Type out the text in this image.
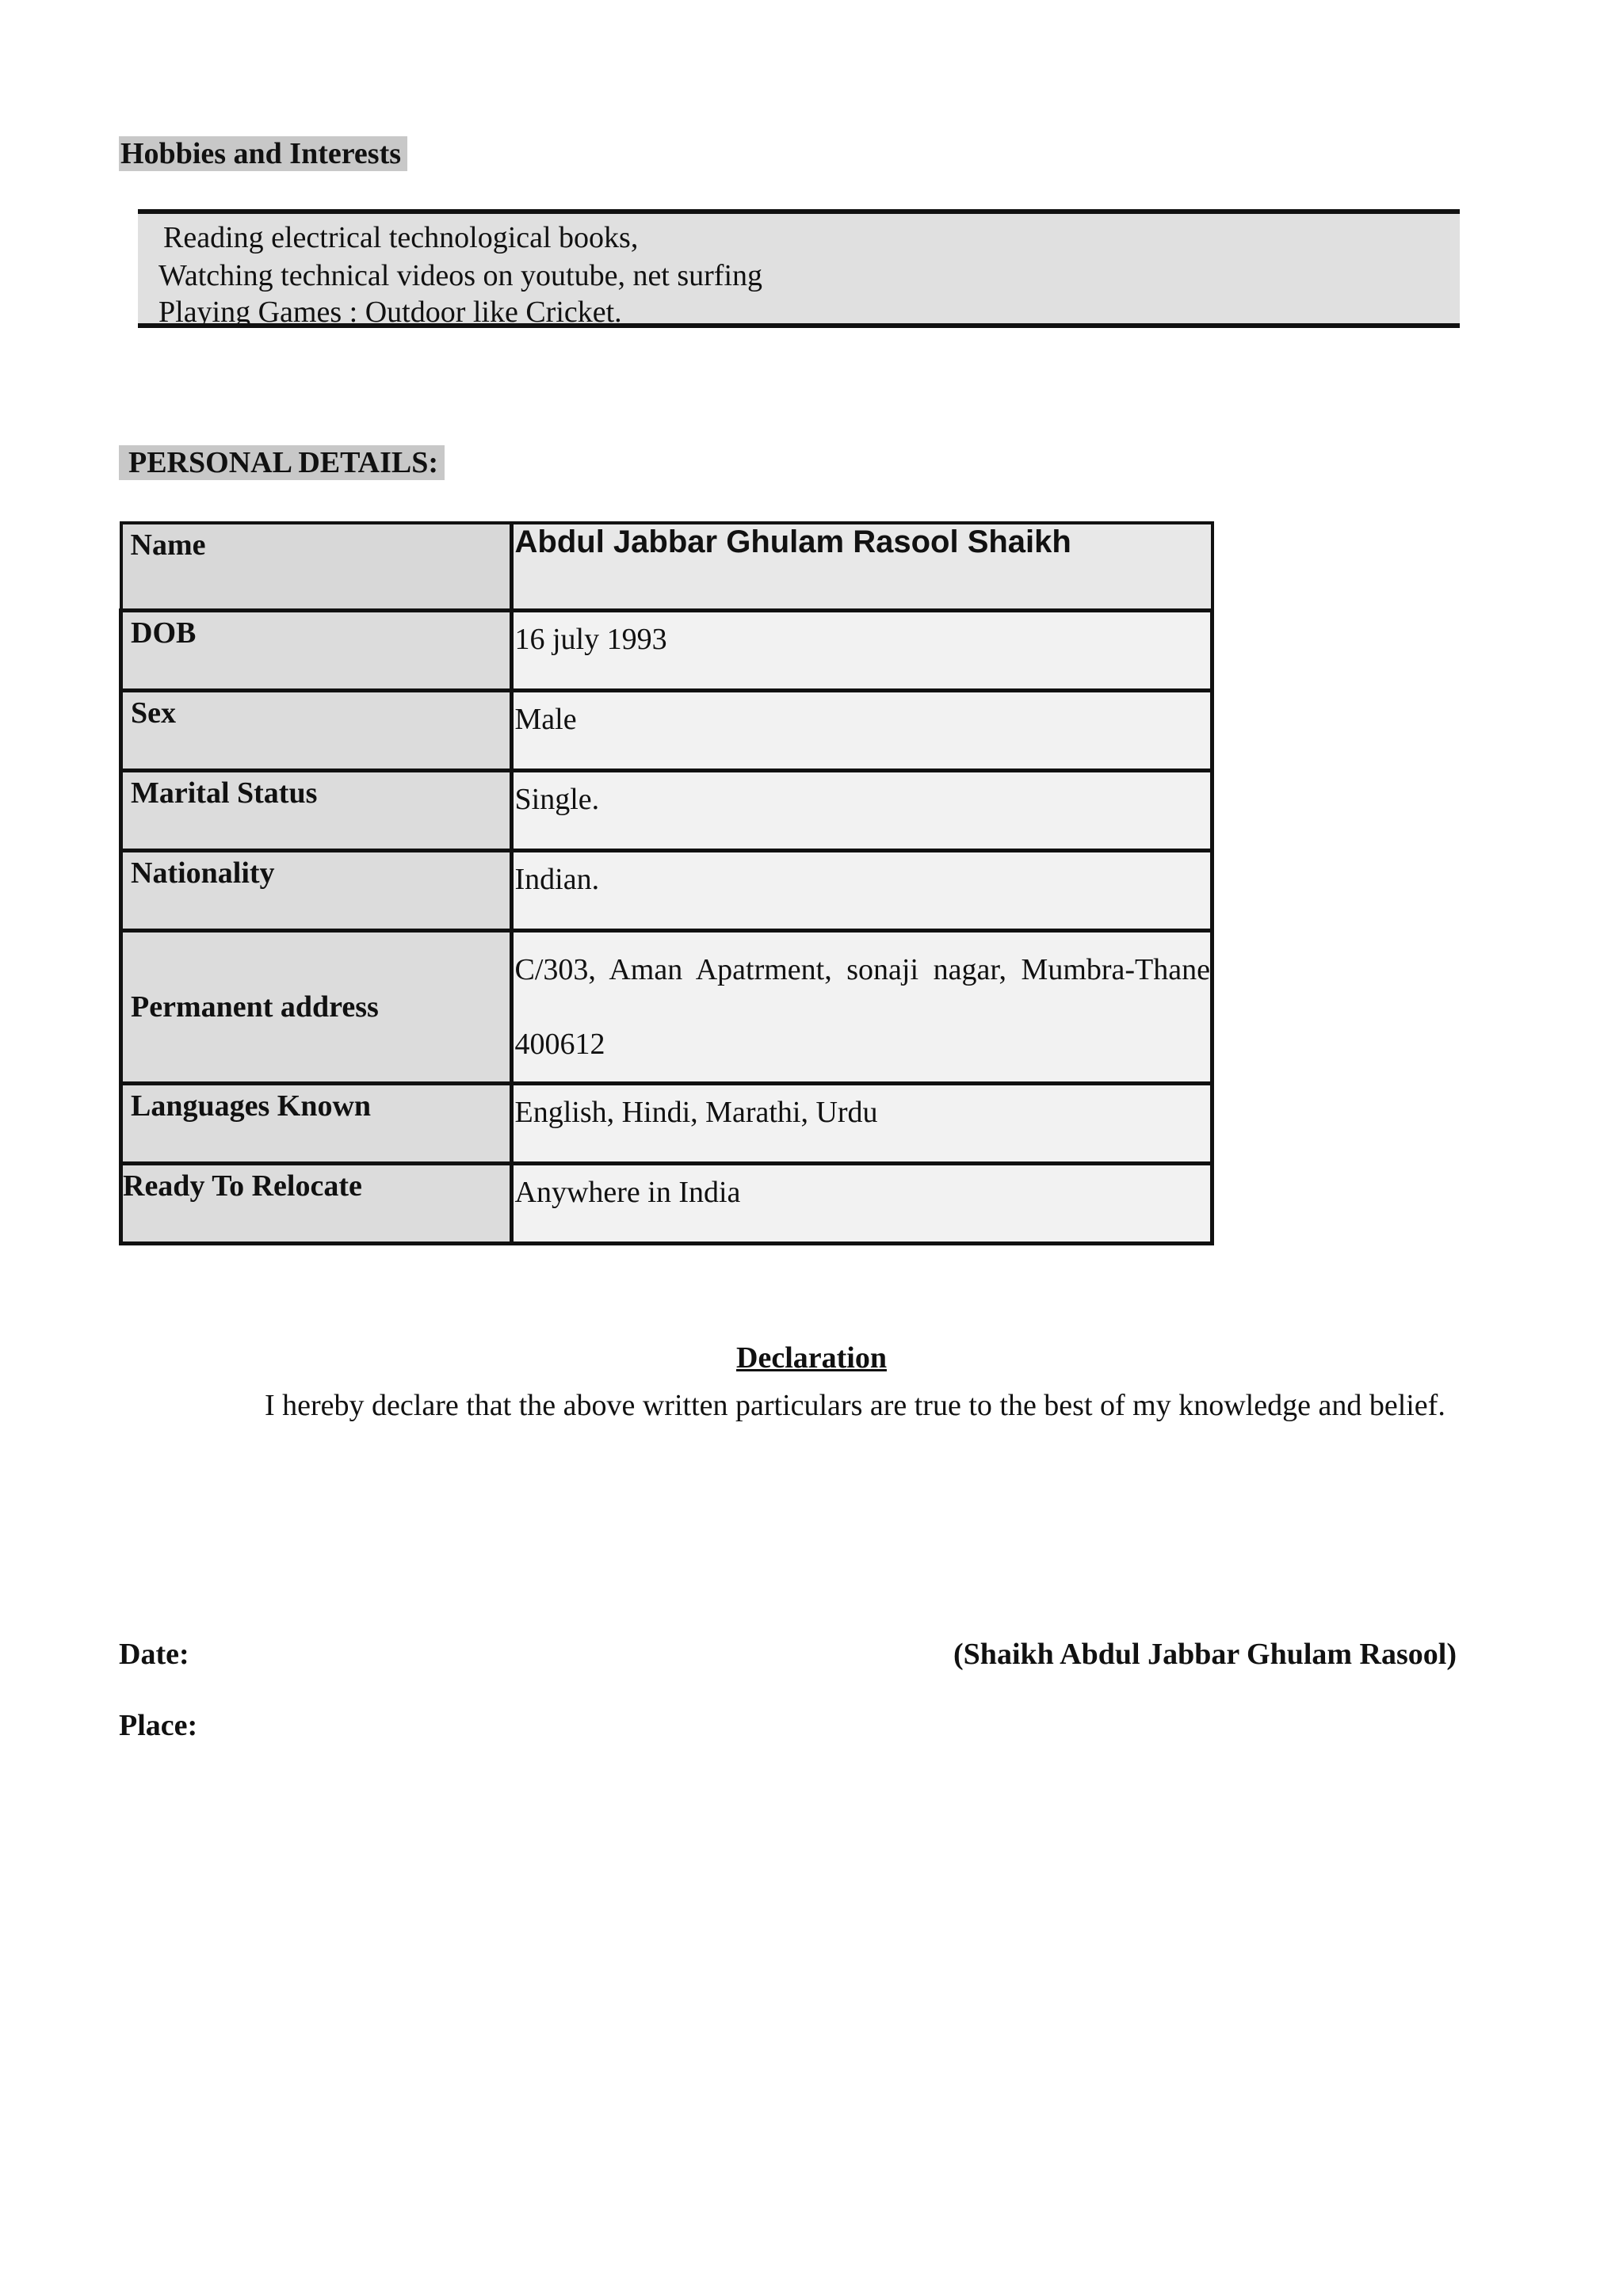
Hobbies and Interests
Reading electrical technological books,
Watching technical videos on youtube, net surfing
Playing Games : Outdoor like Cricket.
PERSONAL DETAILS:
Name	Abdul Jabbar Ghulam Rasool Shaikh
DOB	16 july 1993
Sex	Male
Marital Status	Single.
Nationality	Indian.
Permanent address	C/303, Aman Apatrment, sonaji nagar, Mumbra-Thane 400612
Languages Known	English, Hindi, Marathi, Urdu
Ready To Relocate	Anywhere in India
Declaration
I hereby declare that the above written particulars are true to the best of my knowledge and belief.
Date:	(Shaikh Abdul Jabbar Ghulam Rasool)
Place:
